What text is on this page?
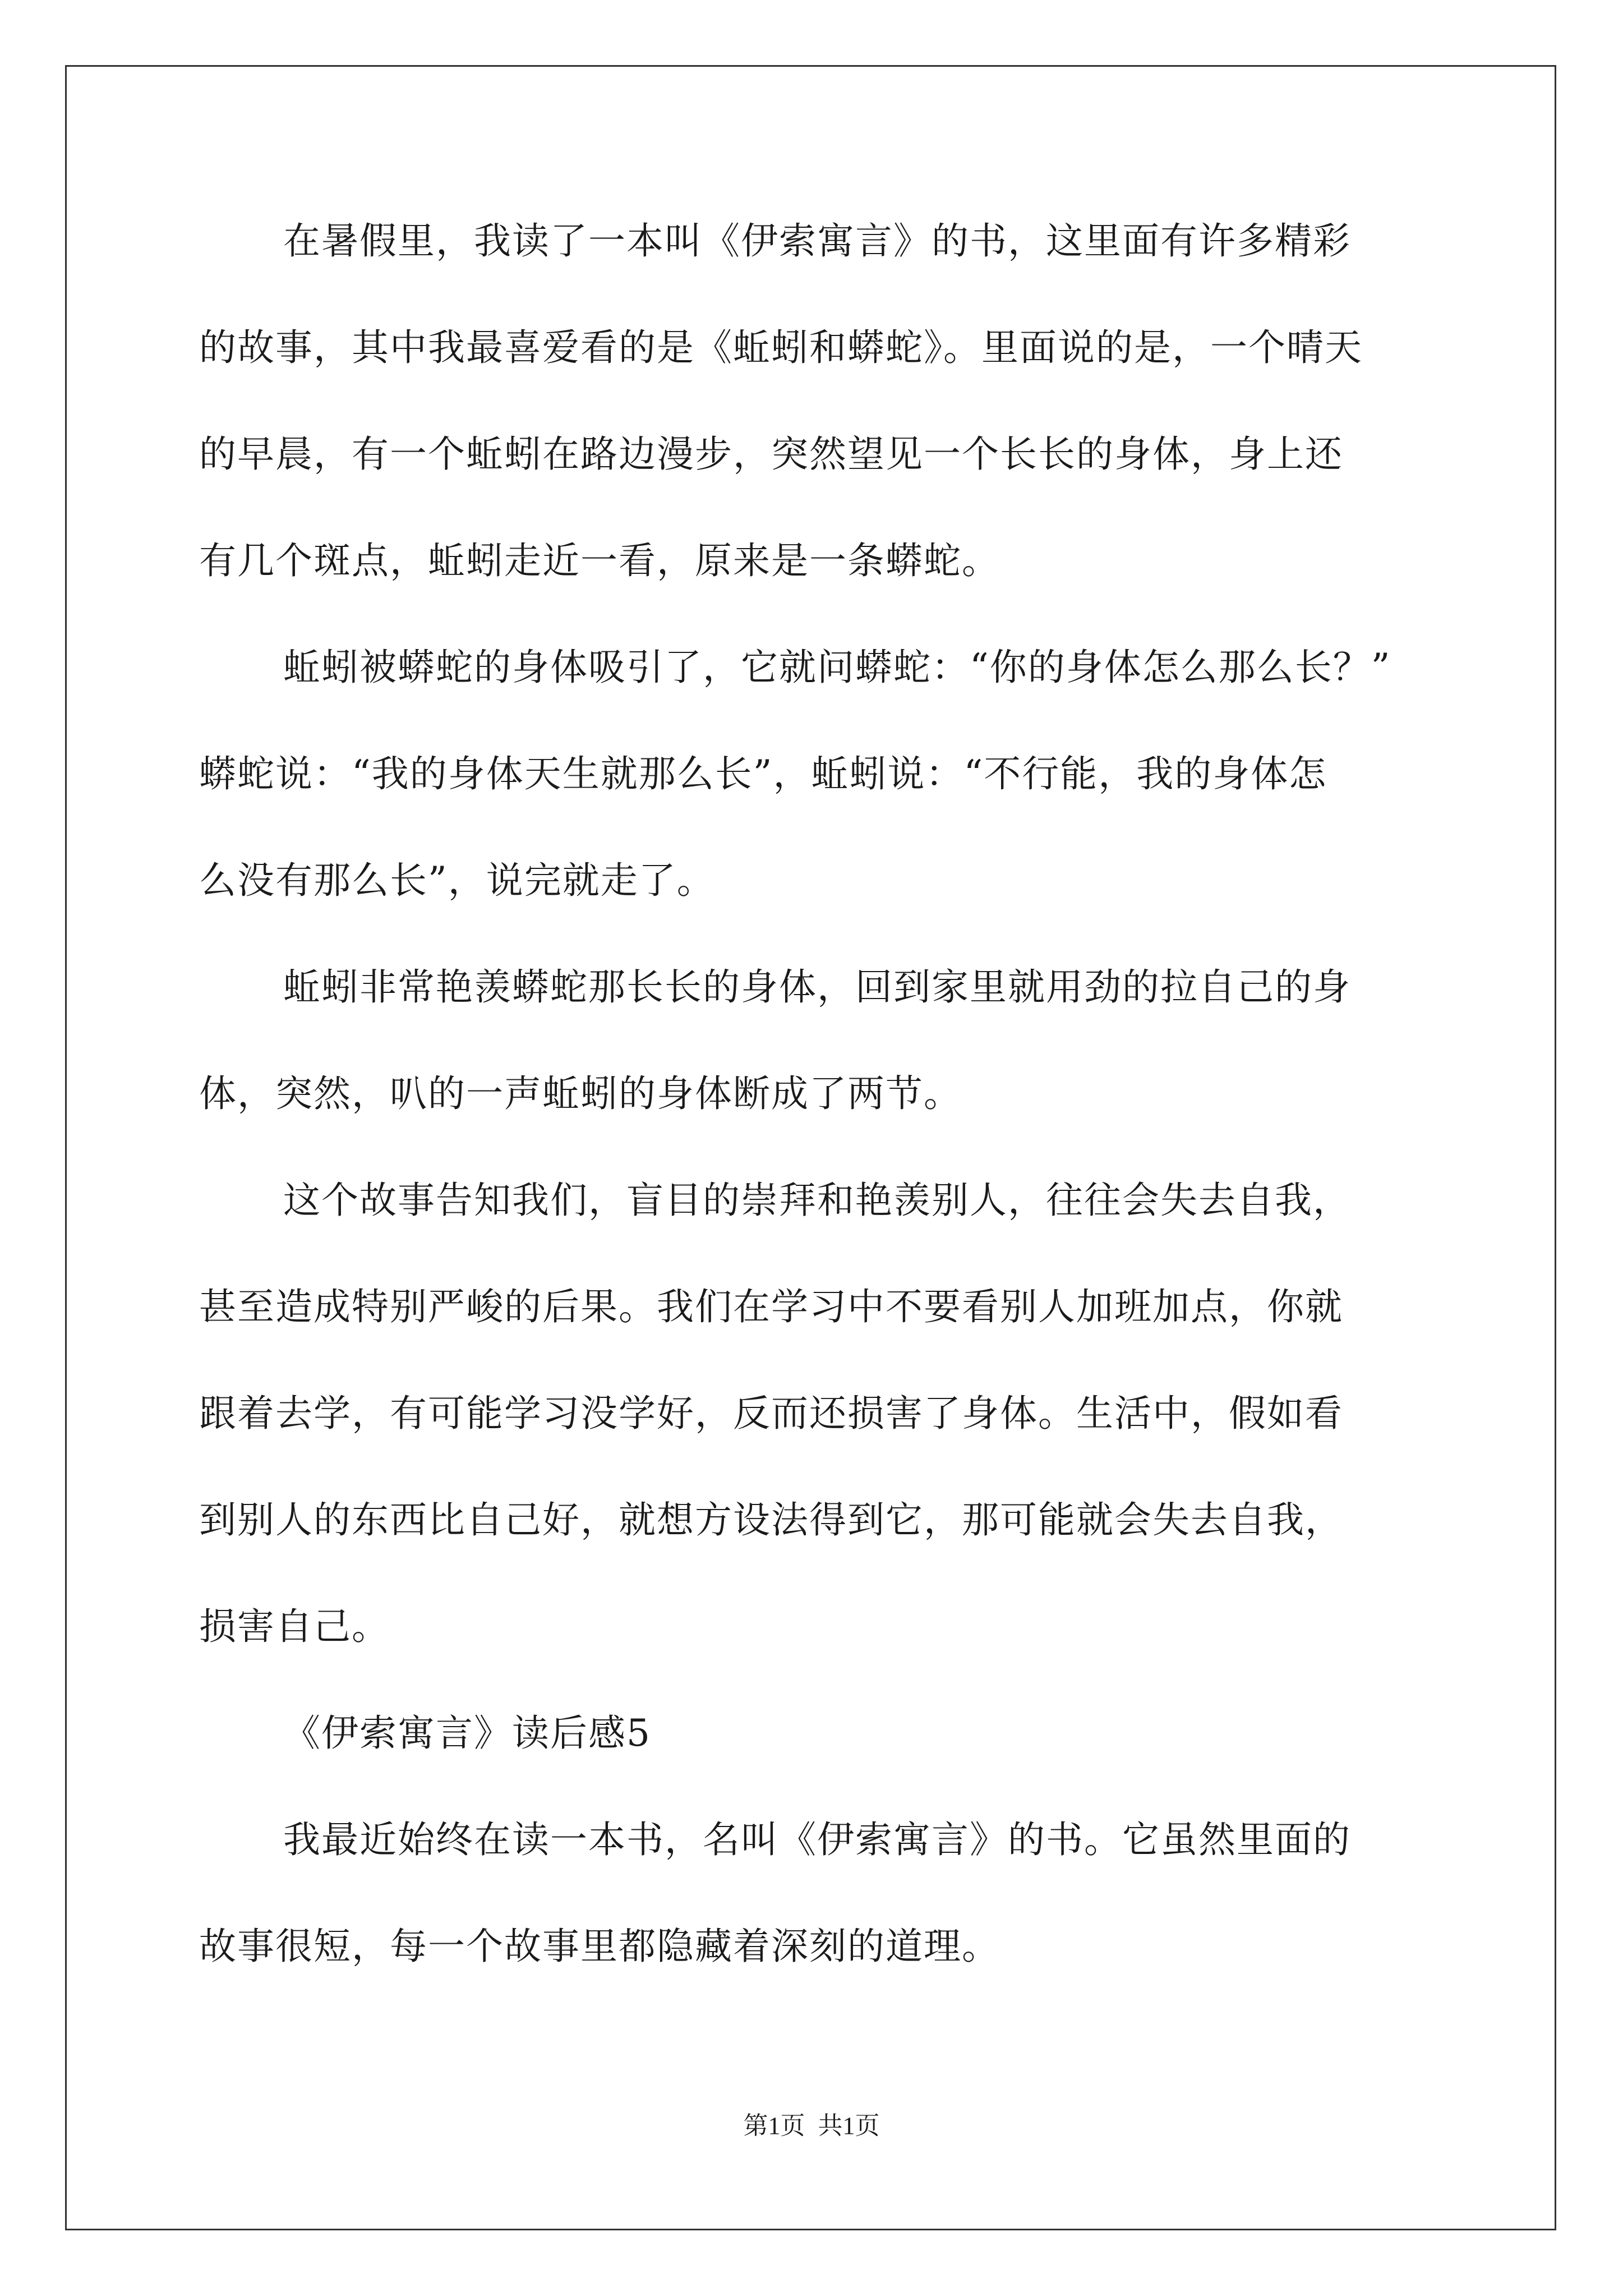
在暑假里，我读了一本叫《伊索寓言》的书，这里面有许多精彩
的故事，其中我最喜爱看的是《蚯蚓和蟒蛇》。里面说的是，一个晴天
的早晨，有一个蚯蚓在路边漫步，突然望见一个长长的身体，身上还
有几个斑点，蚯蚓走近一看，原来是一条蟒蛇。
蚯蚓被蟒蛇的身体吸引了，它就问蟒蛇：“你的身体怎么那么长？”
蟒蛇说：“我的身体天生就那么长”，蚯蚓说：“不行能，我的身体怎
么没有那么长”，说完就走了。
蚯蚓非常艳羡蟒蛇那长长的身体，回到家里就用劲的拉自己的身
体，突然，叭的一声蚯蚓的身体断成了两节。
这个故事告知我们，盲目的崇拜和艳羡别人，往往会失去自我，
甚至造成特别严峻的后果。我们在学习中不要看别人加班加点，你就
跟着去学，有可能学习没学好，反而还损害了身体。生活中，假如看
到别人的东西比自己好，就想方设法得到它，那可能就会失去自我，
损害自己。
《伊索寓言》读后感5
我最近始终在读一本书，名叫《伊索寓言》的书。它虽然里面的
故事很短，每一个故事里都隐藏着深刻的道理。
第1页 共1页
